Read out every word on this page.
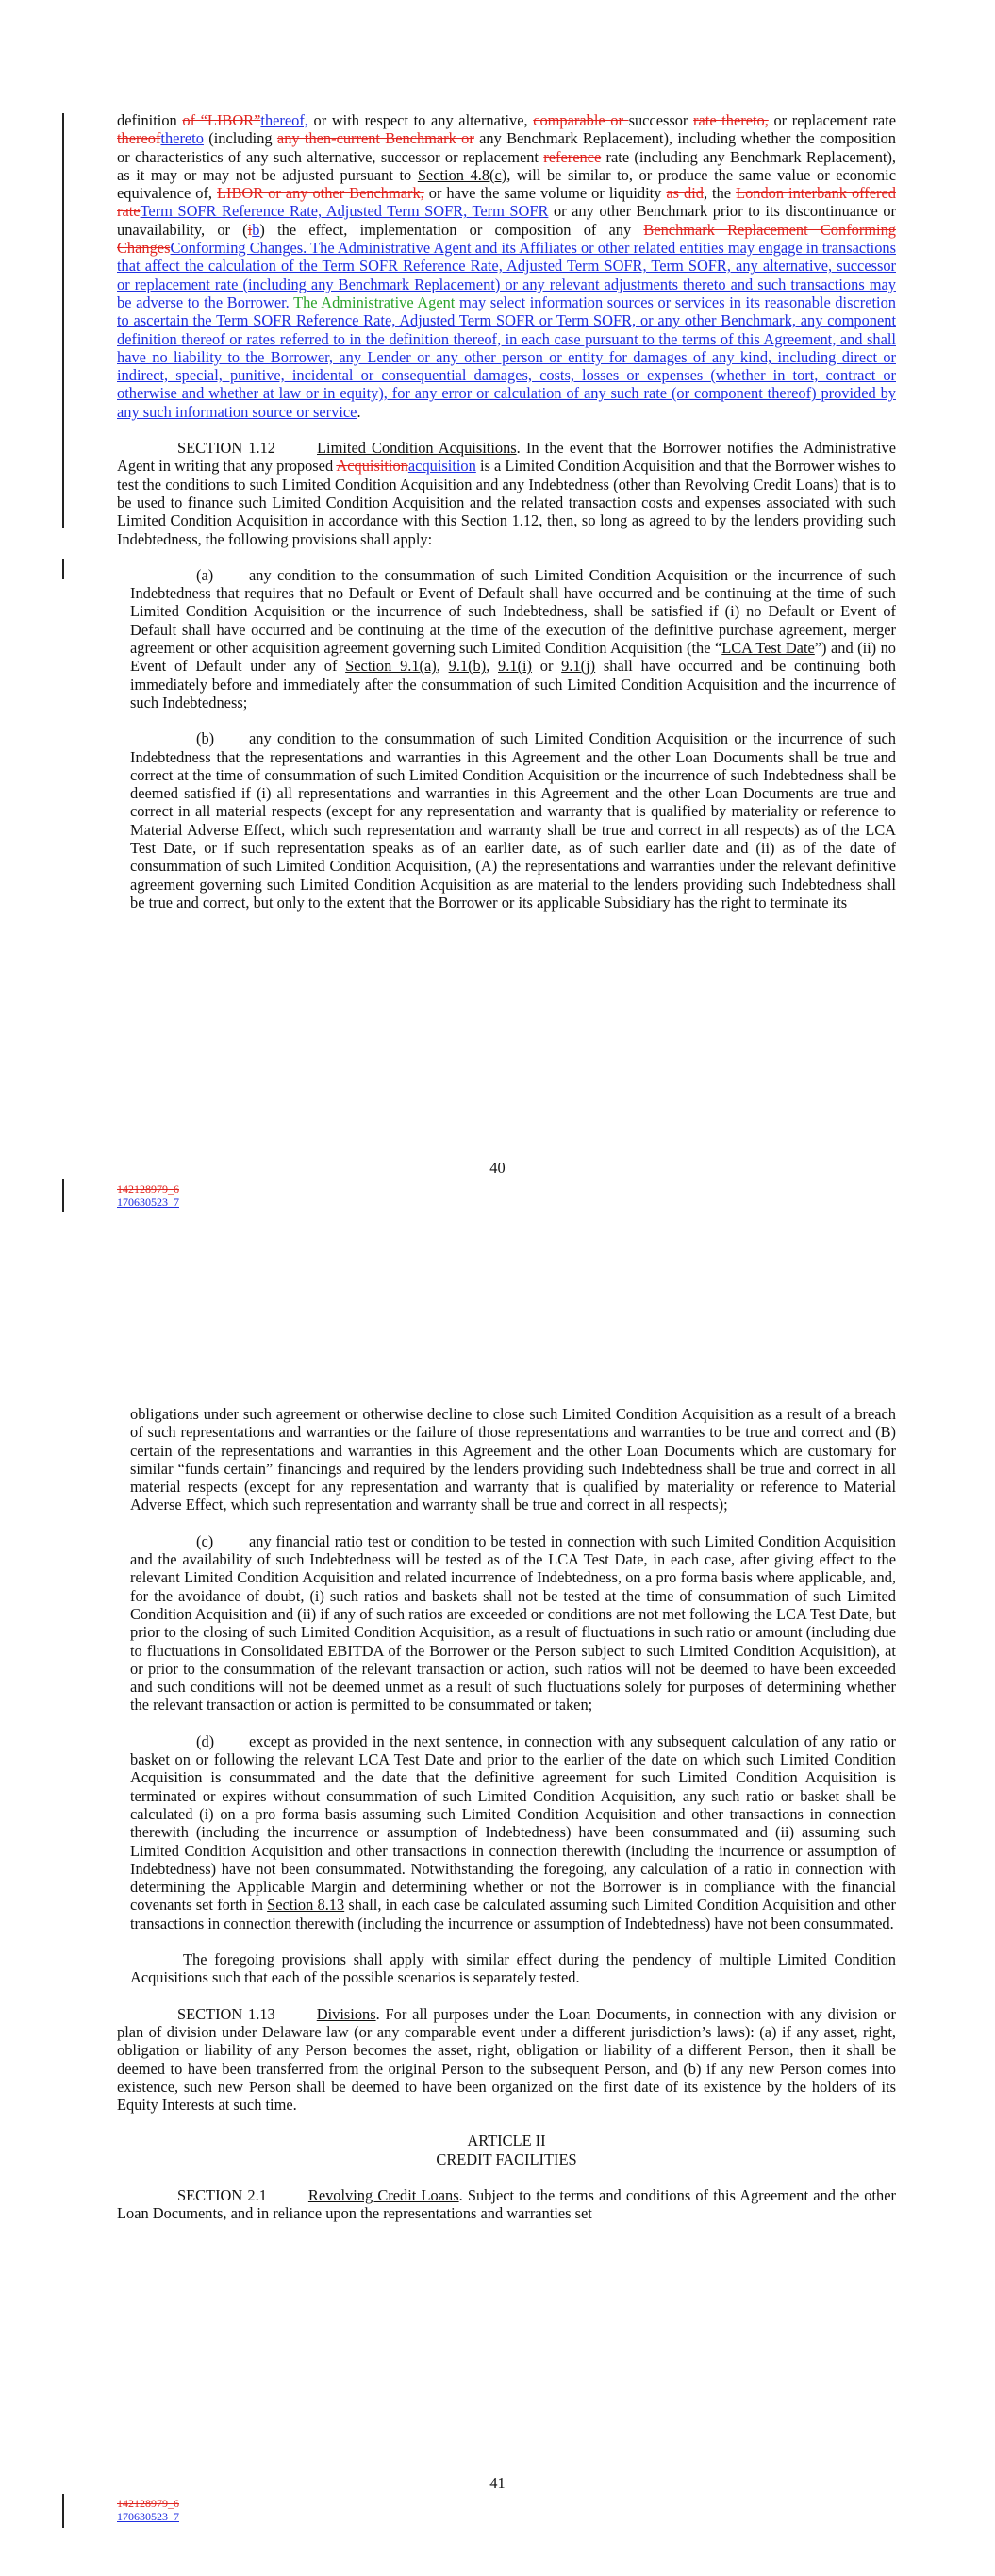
definition of “LIBOR”thereof, or with respect to any alternative, comparable or successor rate thereto, or replacement rate thereofthereto (including any then-current Benchmark or any Benchmark Replacement), including whether the composition or characteristics of any such alternative, successor or replacement reference rate (including any Benchmark Replacement), as it may or may not be adjusted pursuant to Section 4.8(c), will be similar to, or produce the same value or economic equivalence of, LIBOR or any other Benchmark, or have the same volume or liquidity as did, the London interbank offered rateTerm SOFR Reference Rate, Adjusted Term SOFR, Term SOFR or any other Benchmark prior to its discontinuance or unavailability, or (ib) the effect, implementation or composition of any Benchmark Replacement Conforming ChangesConforming Changes. The Administrative Agent and its Affiliates or other related entities may engage in transactions that affect the calculation of the Term SOFR Reference Rate, Adjusted Term SOFR, Term SOFR, any alternative, successor or replacement rate (including any Benchmark Replacement) or any relevant adjustments thereto and such transactions may be adverse to the Borrower. The Administrative Agent may select information sources or services in its reasonable discretion to ascertain the Term SOFR Reference Rate, Adjusted Term SOFR or Term SOFR, or any other Benchmark, any component definition thereof or rates referred to in the definition thereof, in each case pursuant to the terms of this Agreement, and shall have no liability to the Borrower, any Lender or any other person or entity for damages of any kind, including direct or indirect, special, punitive, incidental or consequential damages, costs, losses or expenses (whether in tort, contract or otherwise and whether at law or in equity), for any error or calculation of any such rate (or component thereof) provided by any such information source or service.

SECTION 1.12	Limited Condition Acquisitions. In the event that the Borrower notifies the Administrative Agent in writing that any proposed Acquisitionacquisition is a Limited Condition Acquisition and that the Borrower wishes to test the conditions to such Limited Condition Acquisition and any Indebtedness (other than Revolving Credit Loans) that is to be used to finance such Limited Condition Acquisition and the related transaction costs and expenses associated with such Limited Condition Acquisition in accordance with this Section 1.12, then, so long as agreed to by the lenders providing such Indebtedness, the following provisions shall apply:

(a) any condition to the consummation of such Limited Condition Acquisition or the incurrence of such Indebtedness that requires that no Default or Event of Default shall have occurred and be continuing at the time of such Limited Condition Acquisition or the incurrence of such Indebtedness, shall be satisfied if (i) no Default or Event of Default shall have occurred and be continuing at the time of the execution of the definitive purchase agreement, merger agreement or other acquisition agreement governing such Limited Condition Acquisition (the “LCA Test Date”) and (ii) no Event of Default under any of Section 9.1(a), 9.1(b), 9.1(i) or 9.1(j) shall have occurred and be continuing both immediately before and immediately after the consummation of such Limited Condition Acquisition and the incurrence of such Indebtedness;

(b) any condition to the consummation of such Limited Condition Acquisition or the incurrence of such Indebtedness that the representations and warranties in this Agreement and the other Loan Documents shall be true and correct at the time of consummation of such Limited Condition Acquisition or the incurrence of such Indebtedness shall be deemed satisfied if (i) all representations and warranties in this Agreement and the other Loan Documents are true and correct in all material respects (except for any representation and warranty that is qualified by materiality or reference to Material Adverse Effect, which such representation and warranty shall be true and correct in all respects) as of the LCA Test Date, or if such representation speaks as of an earlier date, as of such earlier date and (ii) as of the date of consummation of such Limited Condition Acquisition, (A) the representations and warranties under the relevant definitive agreement governing such Limited Condition Acquisition as are material to the lenders providing such Indebtedness shall be true and correct, but only to the extent that the Borrower or its applicable Subsidiary has the right to terminate its

40
142128979_6
170630523_7

obligations under such agreement or otherwise decline to close such Limited Condition Acquisition as a result of a breach of such representations and warranties or the failure of those representations and warranties to be true and correct and (B) certain of the representations and warranties in this Agreement and the other Loan Documents which are customary for similar “funds certain” financings and required by the lenders providing such Indebtedness shall be true and correct in all material respects (except for any representation and warranty that is qualified by materiality or reference to Material Adverse Effect, which such representation and warranty shall be true and correct in all respects);

(c) any financial ratio test or condition to be tested in connection with such Limited Condition Acquisition and the availability of such Indebtedness will be tested as of the LCA Test Date, in each case, after giving effect to the relevant Limited Condition Acquisition and related incurrence of Indebtedness, on a pro forma basis where applicable, and, for the avoidance of doubt, (i) such ratios and baskets shall not be tested at the time of consummation of such Limited Condition Acquisition and (ii) if any of such ratios are exceeded or conditions are not met following the LCA Test Date, but prior to the closing of such Limited Condition Acquisition, as a result of fluctuations in such ratio or amount (including due to fluctuations in Consolidated EBITDA of the Borrower or the Person subject to such Limited Condition Acquisition), at or prior to the consummation of the relevant transaction or action, such ratios will not be deemed to have been exceeded and such conditions will not be deemed unmet as a result of such fluctuations solely for purposes of determining whether the relevant transaction or action is permitted to be consummated or taken;

(d) except as provided in the next sentence, in connection with any subsequent calculation of any ratio or basket on or following the relevant LCA Test Date and prior to the earlier of the date on which such Limited Condition Acquisition is consummated and the date that the definitive agreement for such Limited Condition Acquisition is terminated or expires without consummation of such Limited Condition Acquisition, any such ratio or basket shall be calculated (i) on a pro forma basis assuming such Limited Condition Acquisition and other transactions in connection therewith (including the incurrence or assumption of Indebtedness) have been consummated and (ii) assuming such Limited Condition Acquisition and other transactions in connection therewith (including the incurrence or assumption of Indebtedness) have not been consummated. Notwithstanding the foregoing, any calculation of a ratio in connection with determining the Applicable Margin and determining whether or not the Borrower is in compliance with the financial covenants set forth in Section 8.13 shall, in each case be calculated assuming such Limited Condition Acquisition and other transactions in connection therewith (including the incurrence or assumption of Indebtedness) have not been consummated.

The foregoing provisions shall apply with similar effect during the pendency of multiple Limited Condition Acquisitions such that each of the possible scenarios is separately tested.

SECTION 1.13	Divisions. For all purposes under the Loan Documents, in connection with any division or plan of division under Delaware law (or any comparable event under a different jurisdiction’s laws): (a) if any asset, right, obligation or liability of any Person becomes the asset, right, obligation or liability of a different Person, then it shall be deemed to have been transferred from the original Person to the subsequent Person, and (b) if any new Person comes into existence, such new Person shall be deemed to have been organized on the first date of its existence by the holders of its Equity Interests at such time.

ARTICLE II

CREDIT FACILITIES

SECTION 2.1	Revolving Credit Loans. Subject to the terms and conditions of this Agreement and the other Loan Documents, and in reliance upon the representations and warranties set

41
142128979_6
170630523_7
